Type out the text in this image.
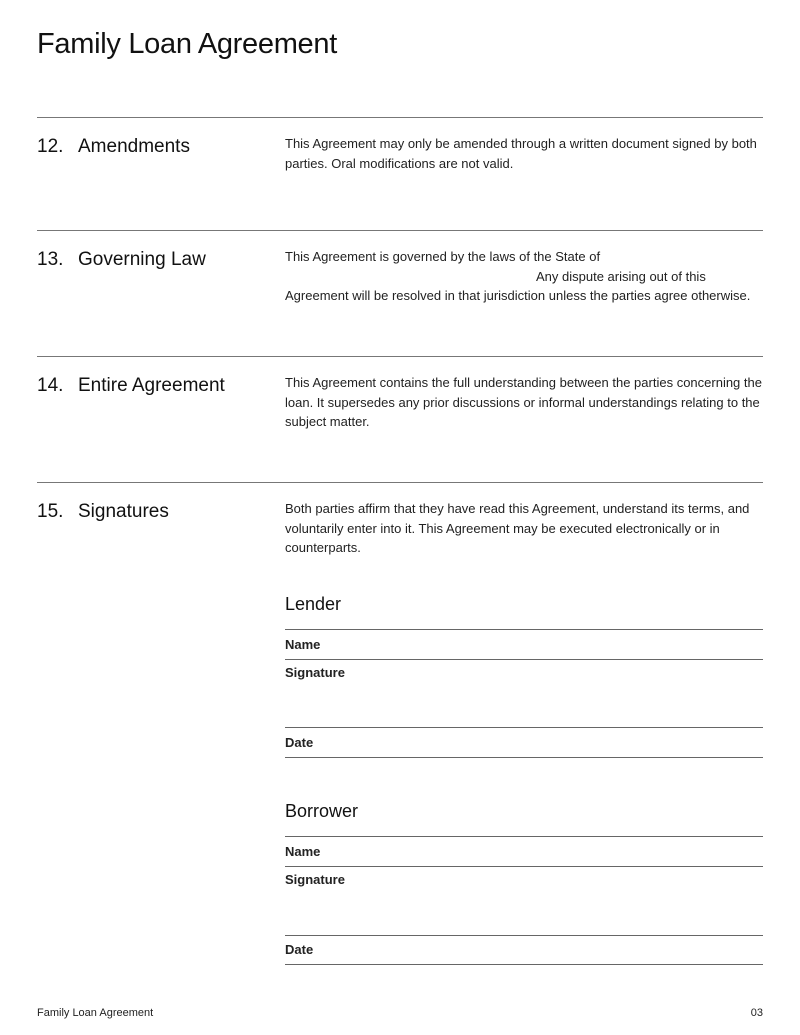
Family Loan Agreement
12. Amendments	This Agreement may only be amended through a written document signed by both parties. Oral modifications are not valid.
13. Governing Law	This Agreement is governed by the laws of the State of
Any dispute arising out of this
Agreement will be resolved in that jurisdiction unless the parties agree otherwise.
14. Entire Agreement	This Agreement contains the full understanding between the parties concerning the loan. It supersedes any prior discussions or informal understandings relating to the subject matter.
15. Signatures	Both parties affirm that they have read this Agreement, understand its terms, and voluntarily enter into it. This Agreement may be executed electronically or in counterparts.
Lender
Name
Signature
Date
Borrower
Name
Signature
Date
Family Loan Agreement	03
